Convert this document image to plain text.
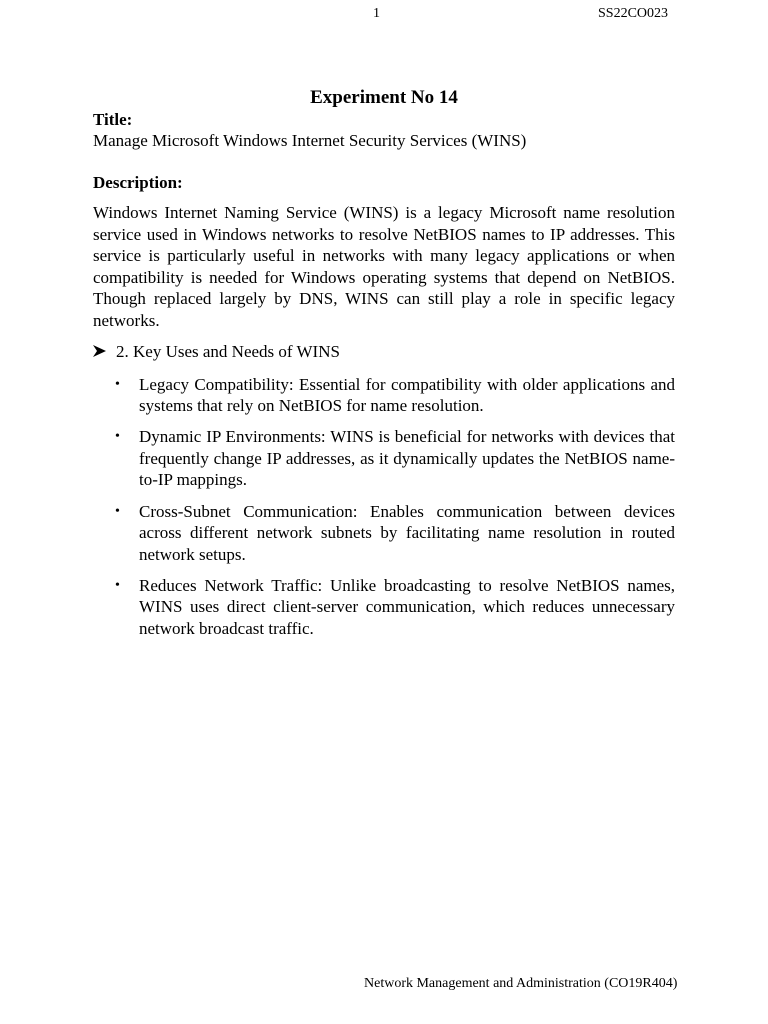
1	SS22CO023
Experiment No 14
Title:
Manage Microsoft Windows Internet Security Services (WINS)
Description:

Windows Internet Naming Service (WINS) is a legacy Microsoft name resolution service used in Windows networks to resolve NetBIOS names to IP addresses. This service is particularly useful in networks with many legacy applications or when compatibility is needed for Windows operating systems that depend on NetBIOS. Though replaced largely by DNS, WINS can still play a role in specific legacy networks.

2. Key Uses and Needs of WINS
•	Legacy Compatibility: Essential for compatibility with older applications and systems that rely on NetBIOS for name resolution.
•	Dynamic IP Environments: WINS is beneficial for networks with devices that frequently change IP addresses, as it dynamically updates the NetBIOS name-to-IP mappings.
•	Cross-Subnet Communication: Enables communication between devices across different network subnets by facilitating name resolution in routed network setups.
•	Reduces Network Traffic: Unlike broadcasting to resolve NetBIOS names, WINS uses direct client-server communication, which reduces unnecessary network broadcast traffic.
Network Management and Administration (CO19R404)
